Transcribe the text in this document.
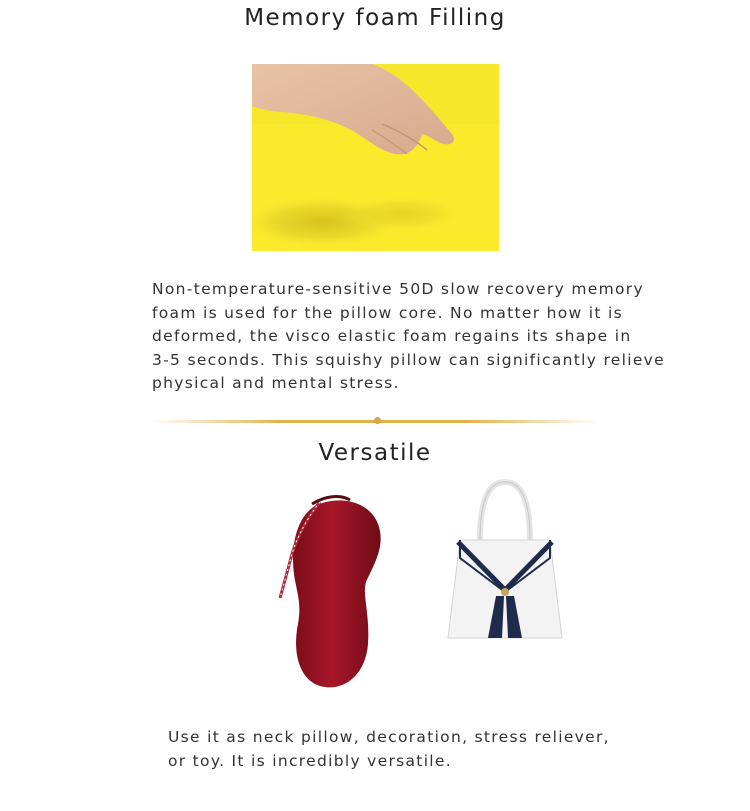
Memory foam Filling

Non-temperature-sensitive 50D slow recovery memory
foam is used for the pillow core. No matter how it is
deformed, the visco elastic foam regains its shape in
3-5 seconds. This squishy pillow can significantly relieve
physical and mental stress.

Versatile

Use it as neck pillow, decoration, stress reliever,
or toy. It is incredibly versatile.
